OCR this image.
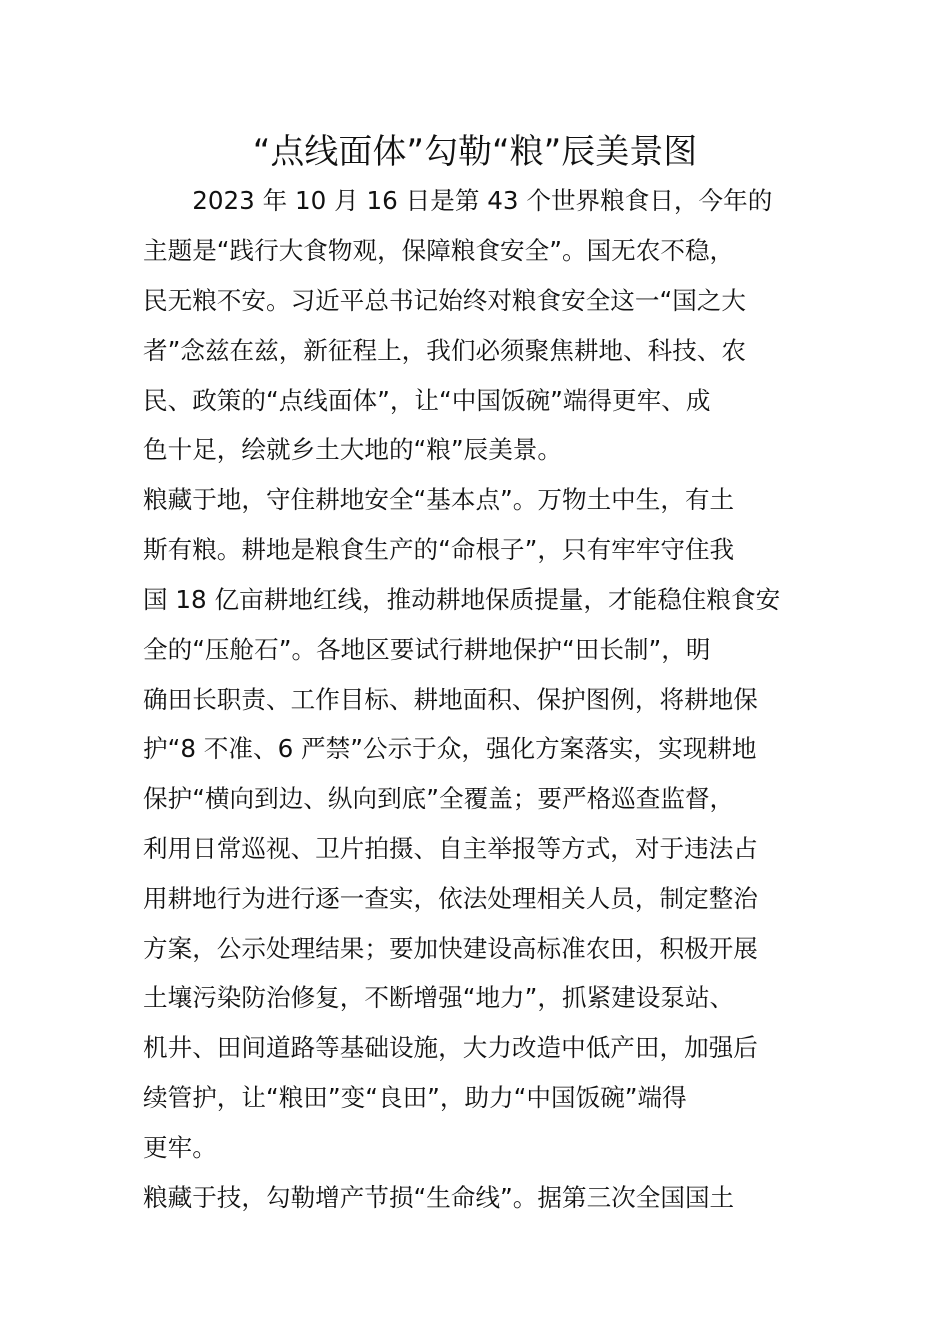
“点线面体”勾勒“粮”辰美景图

　　2023 年 10 月 16 日是第 43 个世界粮食日，今年的

主题是“践行大食物观，保障粮食安全”。国无农不稳，

民无粮不安。习近平总书记始终对粮食安全这一“国之大

者”念兹在兹，新征程上，我们必须聚焦耕地、科技、农

民、政策的“点线面体”，让“中国饭碗”端得更牢、成

色十足，绘就乡土大地的“粮”辰美景。

粮藏于地，守住耕地安全“基本点”。万物土中生，有土

斯有粮。耕地是粮食生产的“命根子”，只有牢牢守住我

国 18 亿亩耕地红线，推动耕地保质提量，才能稳住粮食安

全的“压舱石”。各地区要试行耕地保护“田长制”，明

确田长职责、工作目标、耕地面积、保护图例，将耕地保

护“8 不准、6 严禁”公示于众，强化方案落实，实现耕地

保护“横向到边、纵向到底”全覆盖；要严格巡查监督，

利用日常巡视、卫片拍摄、自主举报等方式，对于违法占

用耕地行为进行逐一查实，依法处理相关人员，制定整治

方案，公示处理结果；要加快建设高标准农田，积极开展

土壤污染防治修复，不断增强“地力”，抓紧建设泵站、

机井、田间道路等基础设施，大力改造中低产田，加强后

续管护，让“粮田”变“良田”，助力“中国饭碗”端得

更牢。

粮藏于技，勾勒增产节损“生命线”。据第三次全国国土
